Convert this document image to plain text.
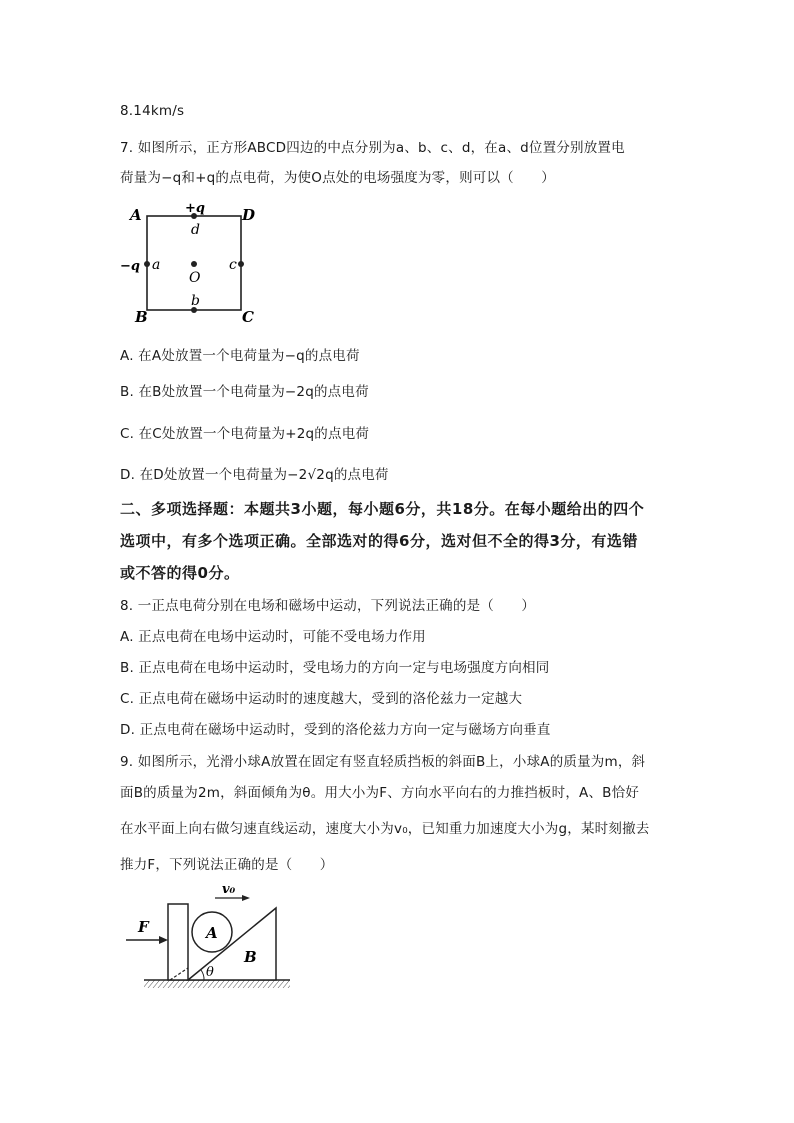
8.14km/s
7. 如图所示，正方形ABCD四边的中点分别为a、b、c、d，在a、d位置分别放置电
荷量为−q和+q的点电荷，为使O点处的电场强度为零，则可以（　　）
A	D
B	C
+q
d
−q a
O
c
b
A. 在A处放置一个电荷量为−q的点电荷
B. 在B处放置一个电荷量为−2q的点电荷
C. 在C处放置一个电荷量为+2q的点电荷
D. 在D处放置一个电荷量为−2√2q的点电荷
二、多项选择题：本题共3小题，每小题6分，共18分。在每小题给出的四个
选项中，有多个选项正确。全部选对的得6分，选对但不全的得3分，有选错
或不答的得0分。
8. 一正点电荷分别在电场和磁场中运动，下列说法正确的是（　　）
A. 正点电荷在电场中运动时，可能不受电场力作用
B. 正点电荷在电场中运动时，受电场力的方向一定与电场强度方向相同
C. 正点电荷在磁场中运动时的速度越大，受到的洛伦兹力一定越大
D. 正点电荷在磁场中运动时，受到的洛伦兹力方向一定与磁场方向垂直
9. 如图所示，光滑小球A放置在固定有竖直轻质挡板的斜面B上，小球A的质量为m，斜
面B的质量为2m，斜面倾角为θ。用大小为F、方向水平向右的力推挡板时，A、B恰好
在水平面上向右做匀速直线运动，速度大小为v₀，已知重力加速度大小为g，某时刻撤去
推力F，下列说法正确的是（　　）
F
v₀
A
B
θ
